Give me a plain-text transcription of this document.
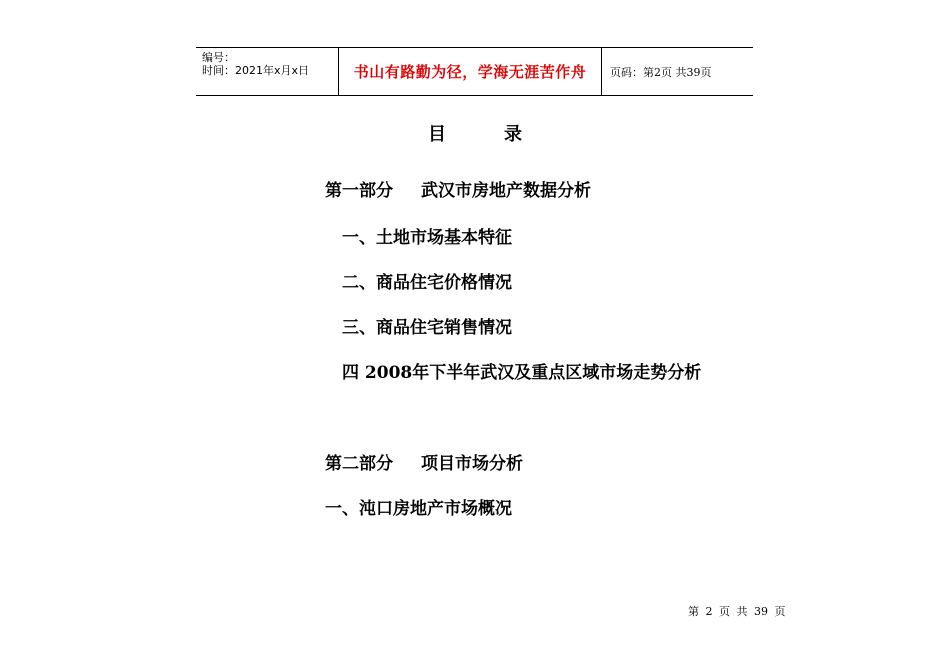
编号：
时间：2021年x月x日	书山有路勤为径，学海无涯苦作舟 页码：第2页 共39页
目录
第一部分 武汉市房地产数据分析
一、土地市场基本特征
二、商品住宅价格情况
三、商品住宅销售情况
四 2008年下半年武汉及重点区域市场走势分析
第二部分 项目市场分析
一、沌口房地产市场概况
第 2 页 共 39 页
